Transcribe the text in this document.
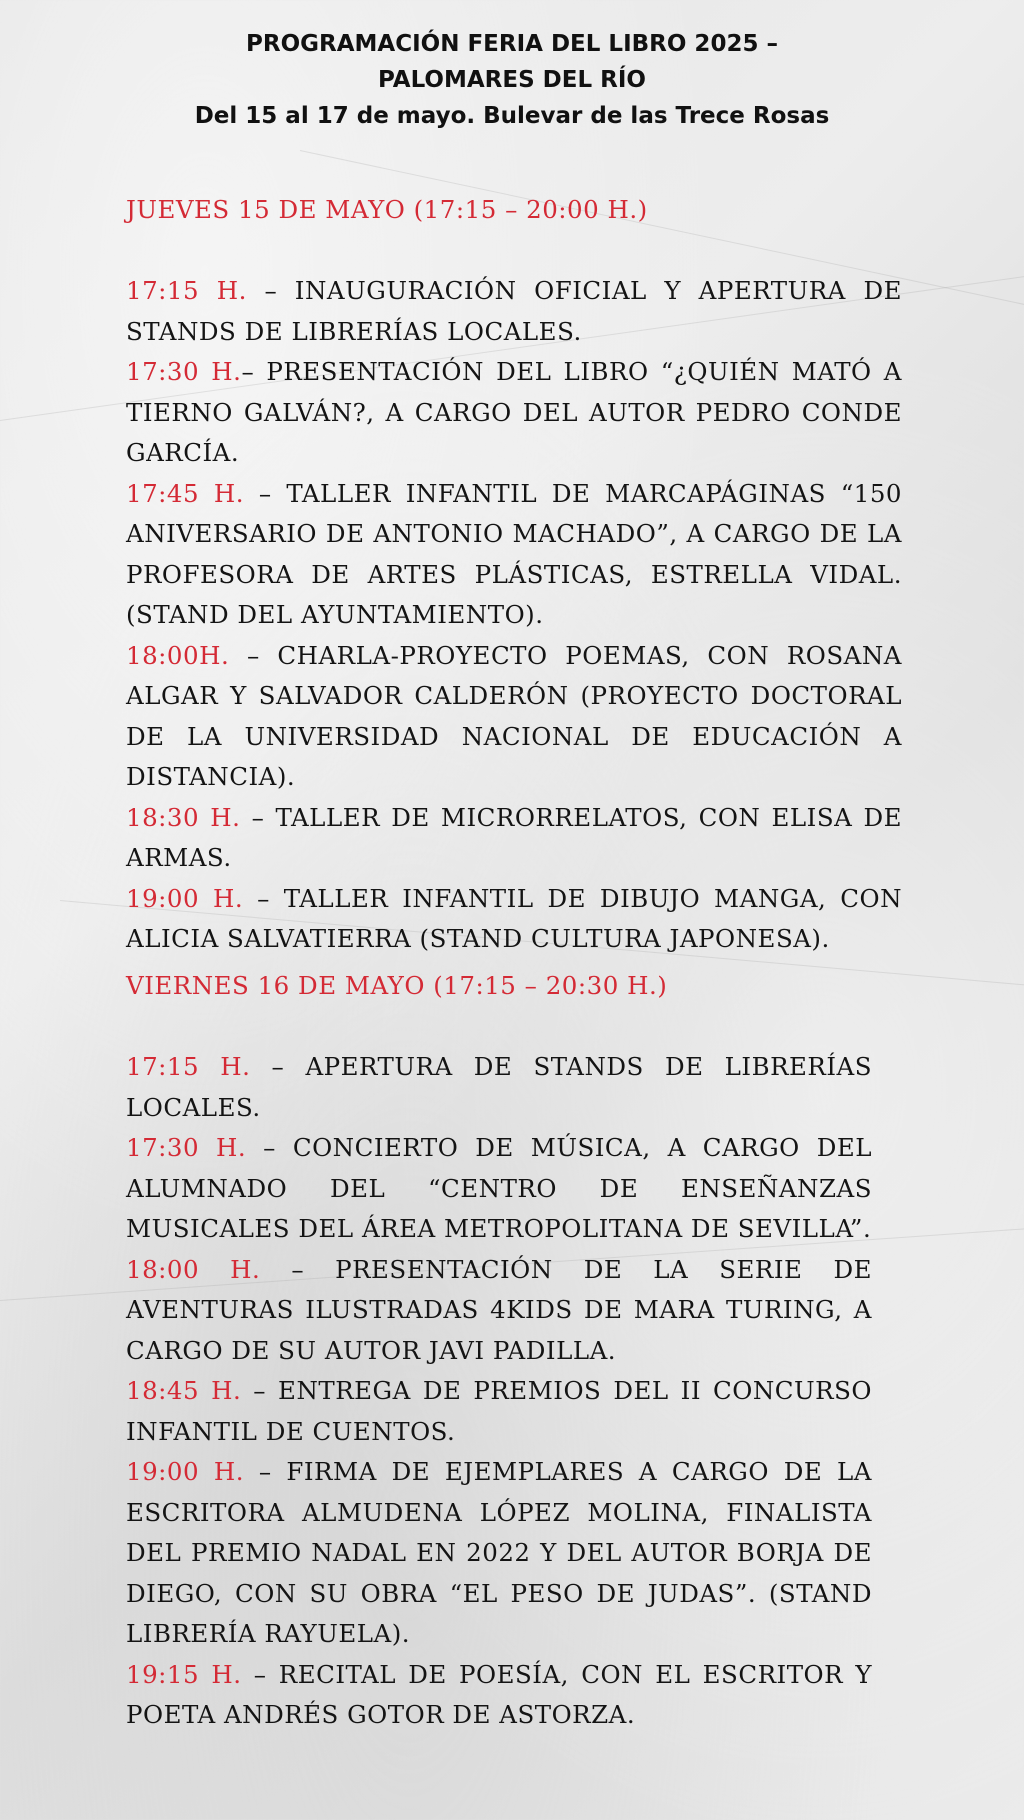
PROGRAMACIÓN FERIA DEL LIBRO 2025 –
PALOMARES DEL RÍO
Del 15 al 17 de mayo. Bulevar de las Trece Rosas

JUEVES 15 DE MAYO (17:15 – 20:00 H.)

17:15 H. – INAUGURACIÓN OFICIAL Y APERTURA DE STANDS DE LIBRERÍAS LOCALES.

17:30 H.– PRESENTACIÓN DEL LIBRO “¿QUIÉN MATÓ A TIERNO GALVÁN?, A CARGO DEL AUTOR PEDRO CONDE GARCÍA.

17:45 H. – TALLER INFANTIL DE MARCAPÁGINAS “150 ANIVERSARIO DE ANTONIO MACHADO”, A CARGO DE LA PROFESORA DE ARTES PLÁSTICAS, ESTRELLA VIDAL. (STAND DEL AYUNTAMIENTO).

18:00H. – CHARLA-PROYECTO POEMAS, CON ROSANA ALGAR Y SALVADOR CALDERÓN (PROYECTO DOCTORAL DE LA UNIVERSIDAD NACIONAL DE EDUCACIÓN A DISTANCIA).

18:30 H. – TALLER DE MICRORRELATOS, CON ELISA DE ARMAS.

19:00 H. – TALLER INFANTIL DE DIBUJO MANGA, CON ALICIA SALVATIERRA (STAND CULTURA JAPONESA).

VIERNES 16 DE MAYO (17:15 – 20:30 H.)

17:15 H. – APERTURA DE STANDS DE LIBRERÍAS LOCALES.

17:30 H. – CONCIERTO DE MÚSICA, A CARGO DEL ALUMNADO DEL “CENTRO DE ENSEÑANZAS MUSICALES DEL ÁREA METROPOLITANA DE SEVILLA”.

18:00 H. – PRESENTACIÓN DE LA SERIE DE AVENTURAS ILUSTRADAS 4KIDS DE MARA TURING, A CARGO DE SU AUTOR JAVI PADILLA.

18:45 H. – ENTREGA DE PREMIOS DEL II CONCURSO INFANTIL DE CUENTOS.

19:00 H. – FIRMA DE EJEMPLARES A CARGO DE LA ESCRITORA ALMUDENA LÓPEZ MOLINA, FINALISTA DEL PREMIO NADAL EN 2022 Y DEL AUTOR BORJA DE DIEGO, CON SU OBRA “EL PESO DE JUDAS”. (STAND LIBRERÍA RAYUELA).

19:15 H. – RECITAL DE POESÍA, CON EL ESCRITOR Y POETA ANDRÉS GOTOR DE ASTORZA.
